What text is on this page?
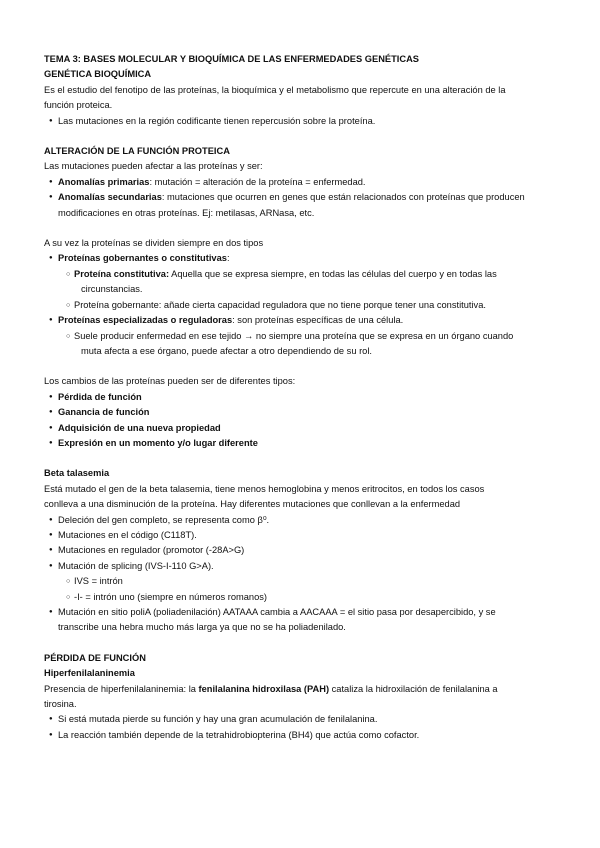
TEMA 3: BASES MOLECULAR Y BIOQUÍMICA DE LAS ENFERMEDADES GENÉTICAS
GENÉTICA BIOQUÍMICA
Es el estudio del fenotipo de las proteínas, la bioquímica y el metabolismo que repercute en una alteración de la
función proteica.
● Las mutaciones en la región codificante tienen repercusión sobre la proteína.
ALTERACIÓN DE LA FUNCIÓN PROTEICA
Las mutaciones pueden afectar a las proteínas y ser:
● Anomalías primarias: mutación = alteración de la proteína = enfermedad.
● Anomalías secundarias: mutaciones que ocurren en genes que están relacionados con proteínas que producen
modificaciones en otras proteínas. Ej: metilasas, ARNasa, etc.
A su vez la proteínas se dividen siempre en dos tipos
● Proteínas gobernantes o constitutivas:
○ Proteína constitutiva: Aquella que se expresa siempre, en todas las células del cuerpo y en todas las
circunstancias.
○ Proteína gobernante: añade cierta capacidad reguladora que no tiene porque tener una constitutiva.
● Proteínas especializadas o reguladoras: son proteínas específicas de una célula.
○ Suele producir enfermedad en ese tejido → no siempre una proteína que se expresa en un órgano cuando
muta afecta a ese órgano, puede afectar a otro dependiendo de su rol.
Los cambios de las proteínas pueden ser de diferentes tipos:
● Pérdida de función
● Ganancia de función
● Adquisición de una nueva propiedad
● Expresión en un momento y/o lugar diferente
Beta talasemia
Está mutado el gen de la beta talasemia, tiene menos hemoglobina y menos eritrocitos, en todos los casos
conlleva a una disminución de la proteína. Hay diferentes mutaciones que conllevan a la enfermedad
● Deleción del gen completo, se representa como β⁰.
● Mutaciones en el código (C118T).
● Mutaciones en regulador (promotor (-28A>G)
● Mutación de splicing (IVS-I-110 G>A).
○ IVS = intrón
○ -I- = intrón uno (siempre en números romanos)
● Mutación en sitio poliA (poliadenilación) AATAAA cambia a AACAAA = el sitio pasa por desapercibido, y se
transcribe una hebra mucho más larga ya que no se ha poliadenilado.
PÉRDIDA DE FUNCIÓN
Hiperfenilalaninemia
Presencia de hiperfenilalaninemia: la fenilalanina hidroxilasa (PAH) cataliza la hidroxilación de fenilalanina a
tirosina.
● Si está mutada pierde su función y hay una gran acumulación de fenilalanina.
● La reacción también depende de la tetrahidrobiopterina (BH4) que actúa como cofactor.
